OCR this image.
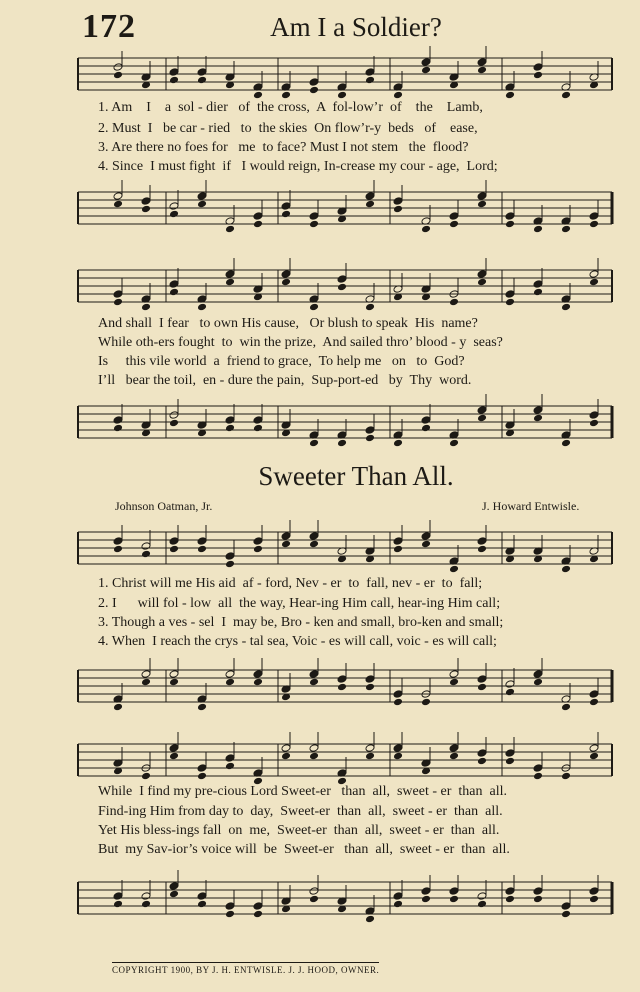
172	Am I a Soldier?
1. Am    I    a  sol - dier   of  the cross,  A  fol-low’r  of    the    Lamb,
2. Must  I   be car - ried   to  the skies  On flow’r-y  beds   of    ease,
3. Are there no foes for   me  to face? Must I not stem   the  flood?
4. Since  I must fight  if   I would reign, In-crease my cour - age,  Lord;
And shall  I fear   to own His cause,   Or blush to speak  His  name?
While oth-ers fought  to  win the prize,  And sailed thro’ blood - y  seas?
Is     this vile world  a  friend to grace,  To help me   on   to  God?
I’ll   bear the toil,  en - dure the pain,  Sup-port-ed   by  Thy  word.
Sweeter Than All.
Johnson Oatman, Jr.	J. Howard Entwisle.
1. Christ will me His aid  af - ford, Nev - er  to  fall, nev - er  to  fall;
2. I      will fol - low  all  the way, Hear-ing Him call, hear-ing Him call;
3. Though a ves - sel  I  may be, Bro - ken and small, bro-ken and small;
4. When  I reach the crys - tal sea, Voic - es will call, voic - es will call;
While  I find my pre-cious Lord Sweet-er   than  all,  sweet - er  than  all.
Find-ing Him from day to  day,  Sweet-er  than  all,  sweet - er  than  all.
Yet His bless-ings fall  on  me,  Sweet-er  than  all,  sweet - er  than  all.
But  my Sav-ior’s voice will  be  Sweet-er   than  all,  sweet - er  than  all.
COPYRIGHT 1900, BY J. H. ENTWISLE. J. J. HOOD, OWNER.
